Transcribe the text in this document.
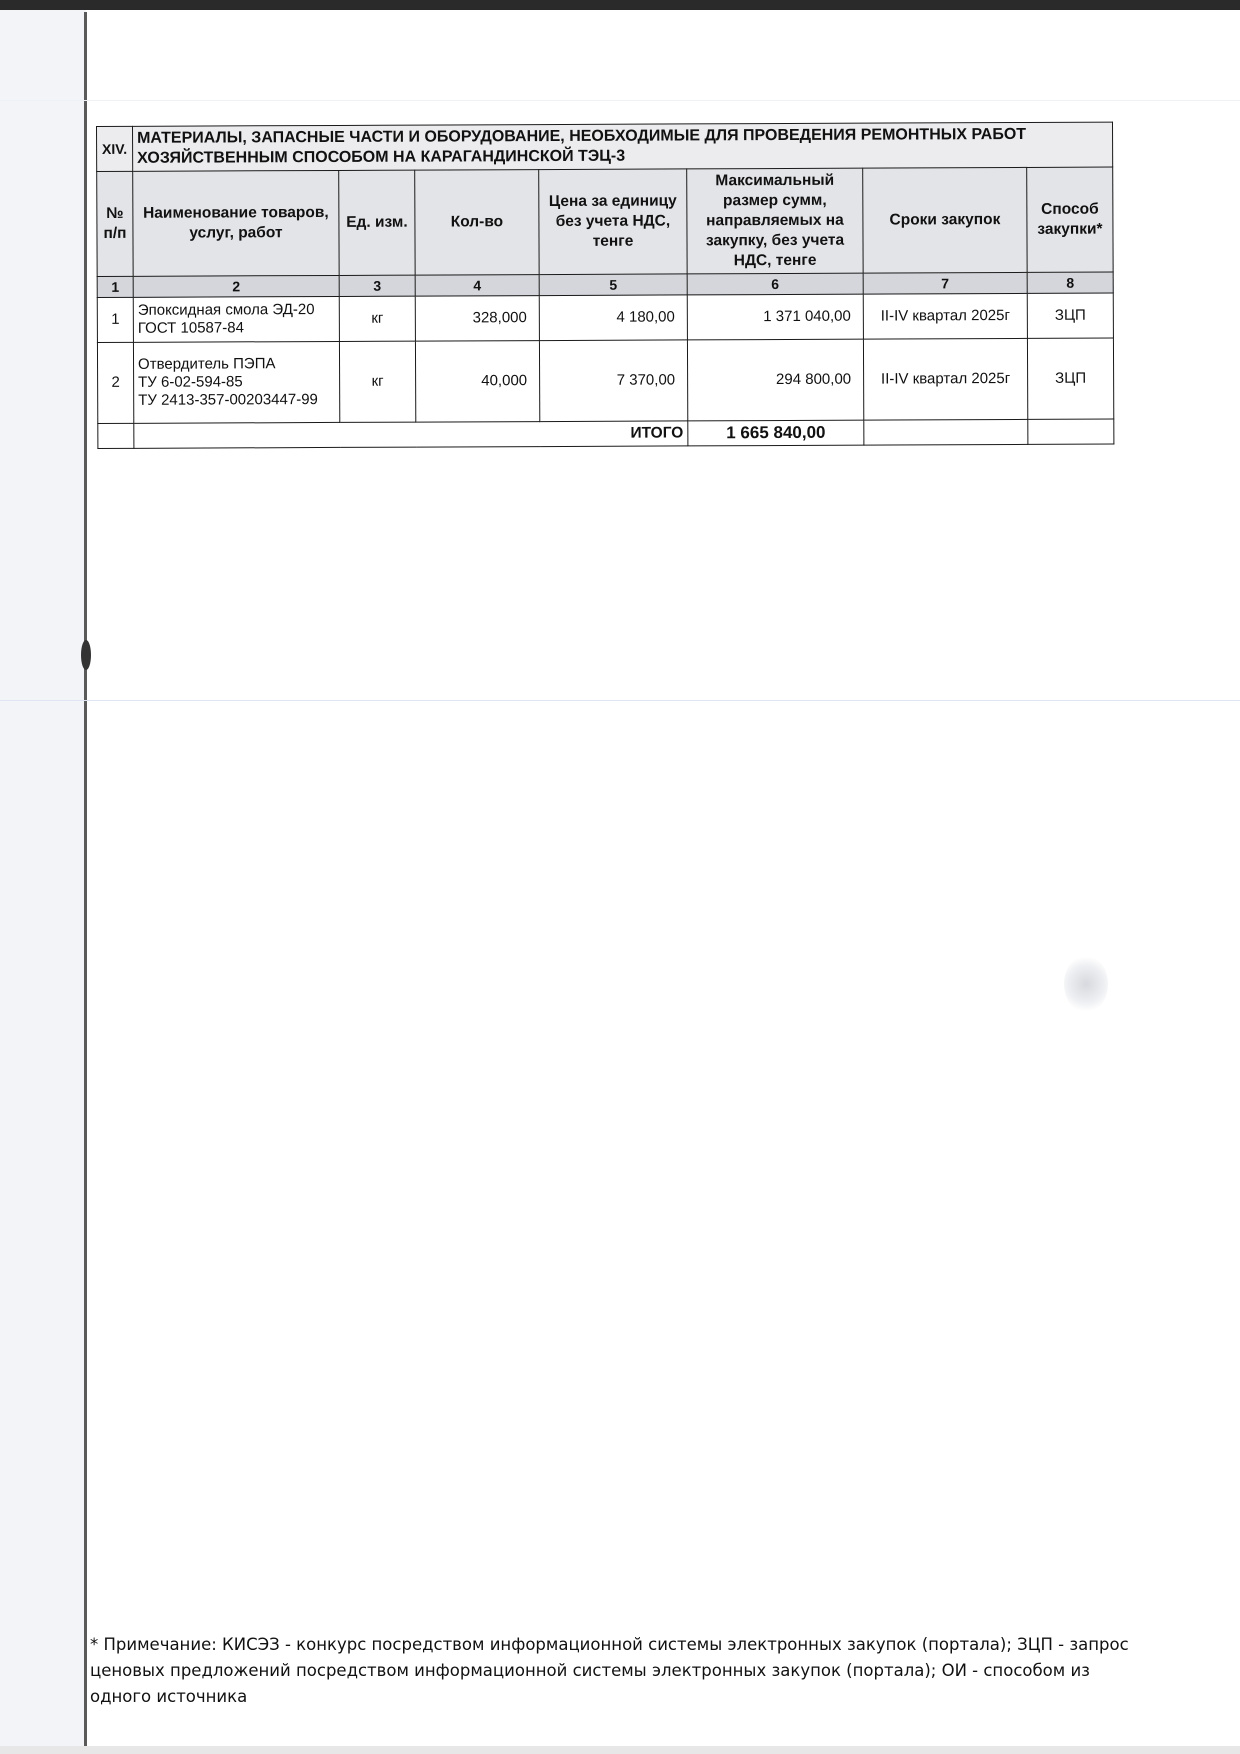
XIV.	МАТЕРИАЛЫ, ЗАПАСНЫЕ ЧАСТИ И ОБОРУДОВАНИЕ, НЕОБХОДИМЫЕ ДЛЯ ПРОВЕДЕНИЯ РЕМОНТНЫХ РАБОТ
ХОЗЯЙСТВЕННЫМ СПОСОБОМ НА КАРАГАНДИНСКОЙ ТЭЦ-3						

№ п/п	Наименование товаров, услуг, работ	Ед. изм.	Кол-во	Цена за единицу без учета НДС, тенге	Максимальный размер сумм, направляемых на закупку, без учета НДС, тенге	Сроки закупок	Способ закупки*
1	2	3	4	5	6	7	8
1	Эпоксидная смола ЭД-20
ГОСТ 10587-84	кг	328,000	4 180,00	1 371 040,00	II-IV квартал 2025г	ЗЦП
2	Отвердитель ПЭПА
ТУ 6-02-594-85
ТУ 2413-357-00203447-99	кг	40,000	7 370,00	294 800,00	II-IV квартал 2025г	ЗЦП
	ИТОГО				1 665 840,00		
* Примечание: КИСЭЗ - конкурс посредством информационной системы электронных закупок (портала); ЗЦП - запрос
ценовых предложений посредством информационной системы электронных закупок (портала); ОИ - способом из
одного источника
